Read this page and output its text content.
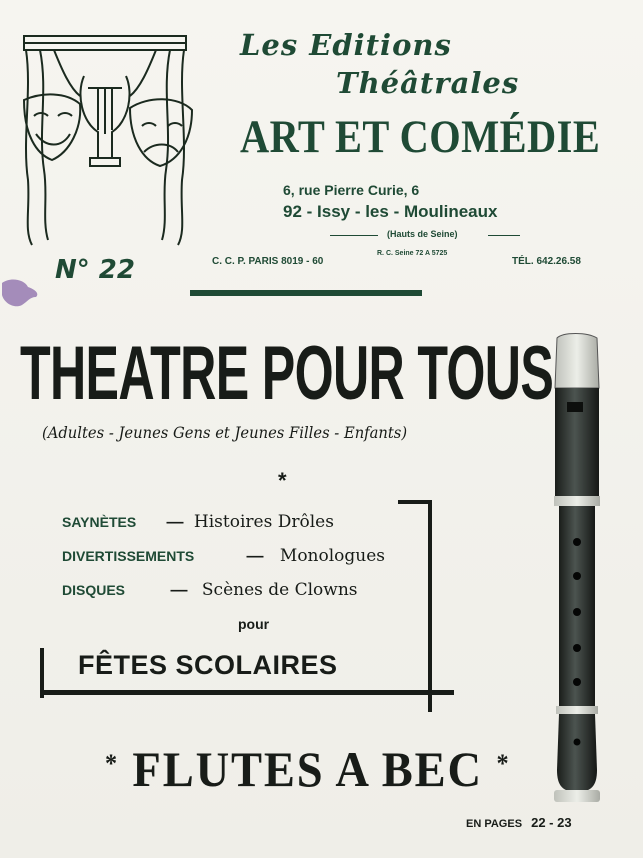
Les Editions
Théâtrales
ART ET COMÉDIE
6, rue Pierre Curie, 6
92 - Issy - les - Moulineaux
(Hauts de Seine)
R. C. Seine 72 A 5725
N° 22	C. C. P. PARIS 8019 - 60	TÉL. 642.26.58
THEATRE POUR TOUS
(Adultes - Jeunes Gens et Jeunes Filles - Enfants)
*
SAYNÈTES — Histoires Drôles
DIVERTISSEMENTS	— Monologues
DISQUES	— Scènes de Clowns
pour
FÊTES SCOLAIRES
* FLUTES A BEC *
EN PAGES 22 - 23
